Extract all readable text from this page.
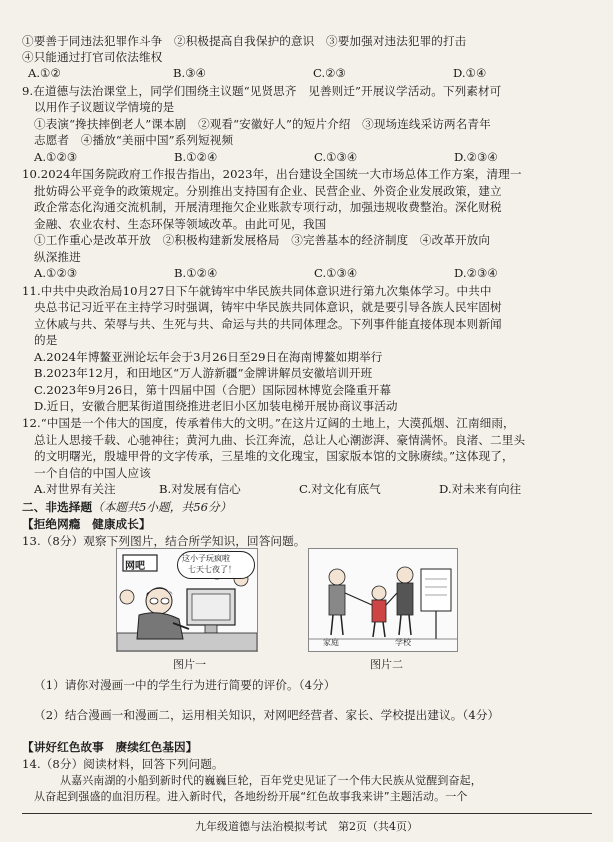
①要善于同违法犯罪作斗争　②积极提高自我保护的意识　③要加强对违法犯罪的打击
④只能通过打官司依法维权
A.①②	B.③④	C.②③	D.①④
9.在道德与法治课堂上，同学们围绕主议题“见贤思齐　见善则迁”开展议学活动。下列素材可
以用作子议题议学情境的是
①表演“搀扶摔倒老人”课本剧　②观看“安徽好人”的短片介绍　③现场连线采访两名青年
志愿者　④播放“美丽中国”系列短视频
A.①②③	B.①②④	C.①③④	D.②③④
10.2024年国务院政府工作报告指出，2023年，出台建设全国统一大市场总体工作方案，清理一
批妨碍公平竞争的政策规定。分别推出支持国有企业、民营企业、外资企业发展政策，建立
政企常态化沟通交流机制，开展清理拖欠企业账款专项行动，加强违规收费整治。深化财税
金融、农业农村、生态环保等领域改革。由此可见，我国
①工作重心是改革开放　②积极构建新发展格局　③完善基本的经济制度　④改革开放向
纵深推进
A.①②③	B.①②④	C.①③④	D.②③④
11.中共中央政治局10月27日下午就铸牢中华民族共同体意识进行第九次集体学习。中共中
央总书记习近平在主持学习时强调，铸牢中华民族共同体意识，就是要引导各族人民牢固树
立休戚与共、荣辱与共、生死与共、命运与共的共同体理念。下列事件能直接体现本则新闻
的是
A.2024年博鳌亚洲论坛年会于3月26日至29日在海南博鳌如期举行
B.2023年12月，和田地区“万人游新疆”金牌讲解员安徽培训开班
C.2023年9月26日，第十四届中国（合肥）国际园林博览会隆重开幕
D.近日，安徽合肥某街道围绕推进老旧小区加装电梯开展协商议事活动
12.“中国是一个伟大的国度，传承着伟大的文明。”在这片辽阔的土地上，大漠孤烟、江南细雨，
总让人思接千载、心驰神往；黄河九曲、长江奔流，总让人心潮澎湃、豪情满怀。良渚、二里头
的文明曙光，殷墟甲骨的文字传承，三星堆的文化瑰宝，国家版本馆的文脉赓续。”这体现了，
一个自信的中国人应该
A.对世界有关注	B.对发展有信心	C.对文化有底气	D.对未来有向往
二、非选择题（本题共5小题，共56分）
【拒绝网瘾　健康成长】
13.（8分）观察下列图片，结合所学知识，回答问题。
网吧
这小子玩疯啦
七天七夜了！
图片一
家庭	学校
图片二
（1）请你对漫画一中的学生行为进行简要的评价。（4分）
（2）结合漫画一和漫画二，运用相关知识，对网吧经营者、家长、学校提出建议。（4分）
【讲好红色故事　赓续红色基因】
14.（8分）阅读材料，回答下列问题。
从嘉兴南湖的小船到新时代的巍巍巨轮，百年党史见证了一个伟大民族从觉醒到奋起，
从奋起到强盛的血泪历程。进入新时代，各地纷纷开展“红色故事我来讲”主题活动。一个
九年级道德与法治模拟考试　第2页（共4页）
